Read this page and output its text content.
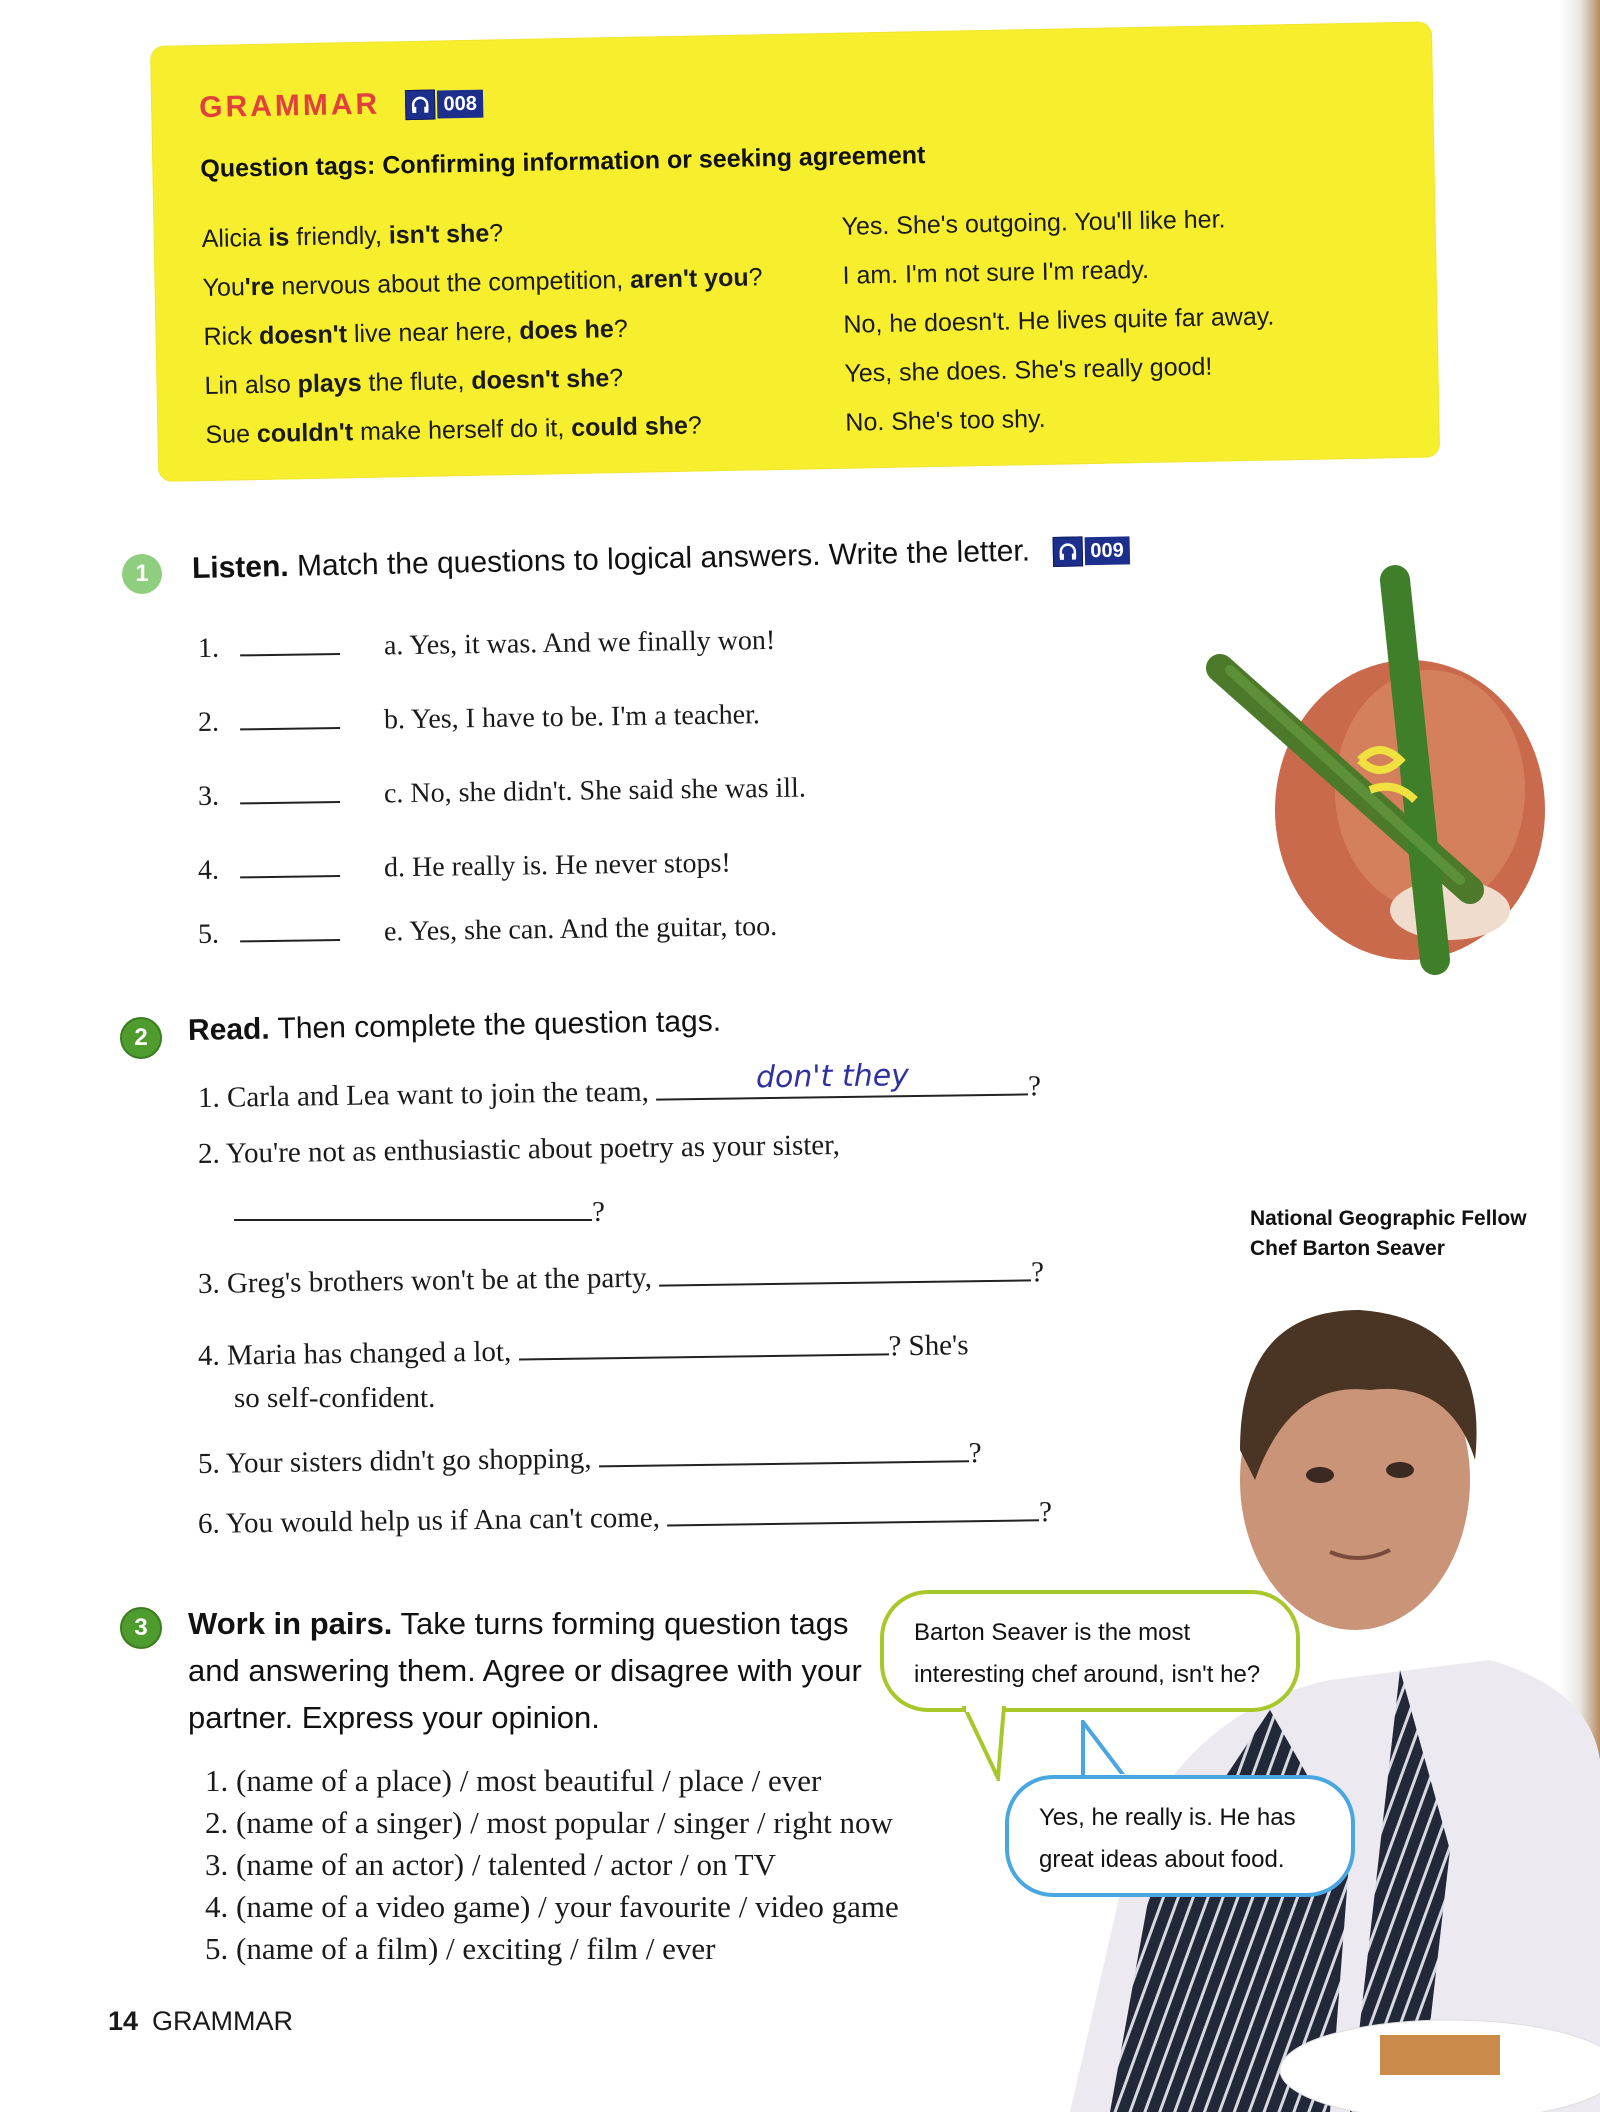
GRAMMAR	008
Question tags: Confirming information or seeking agreement
Alicia is friendly, isn't she?	Yes. She's outgoing. You'll like her.
You're nervous about the competition, aren't you?	I am. I'm not sure I'm ready.
Rick doesn't live near here, does he?	No, he doesn't. He lives quite far away.
Lin also plays the flute, doesn't she?	Yes, she does. She's really good!
Sue couldn't make herself do it, could she?	No. She's too shy.
1	Listen. Match the questions to logical answers. Write the letter.	009
1.	a. Yes, it was. And we finally won!
2.	b. Yes, I have to be. I'm a teacher.
3.	c. No, she didn't. She said she was ill.
4.	d. He really is. He never stops!
5.	e. Yes, she can. And the guitar, too.
2	Read. Then complete the question tags.
1. Carla and Lea want to join the team,	don't they	?
2. You're not as enthusiastic about poetry as your sister,
?
3. Greg's brothers won't be at the party,	?
4. Maria has changed a lot,	? She's
so self-confident.
5. Your sisters didn't go shopping,	?
6. You would help us if Ana can't come,	?
National Geographic Fellow
Chef Barton Seaver
3	Work in pairs. Take turns forming question tags and answering them. Agree or disagree with your partner. Express your opinion.
1. (name of a place) / most beautiful / place / ever
2. (name of a singer) / most popular / singer / right now
3. (name of an actor) / talented / actor / on TV
4. (name of a video game) / your favourite / video game
5. (name of a film) / exciting / film / ever
Barton Seaver is the most interesting chef around, isn't he?
Yes, he really is. He has great ideas about food.
14 GRAMMAR
